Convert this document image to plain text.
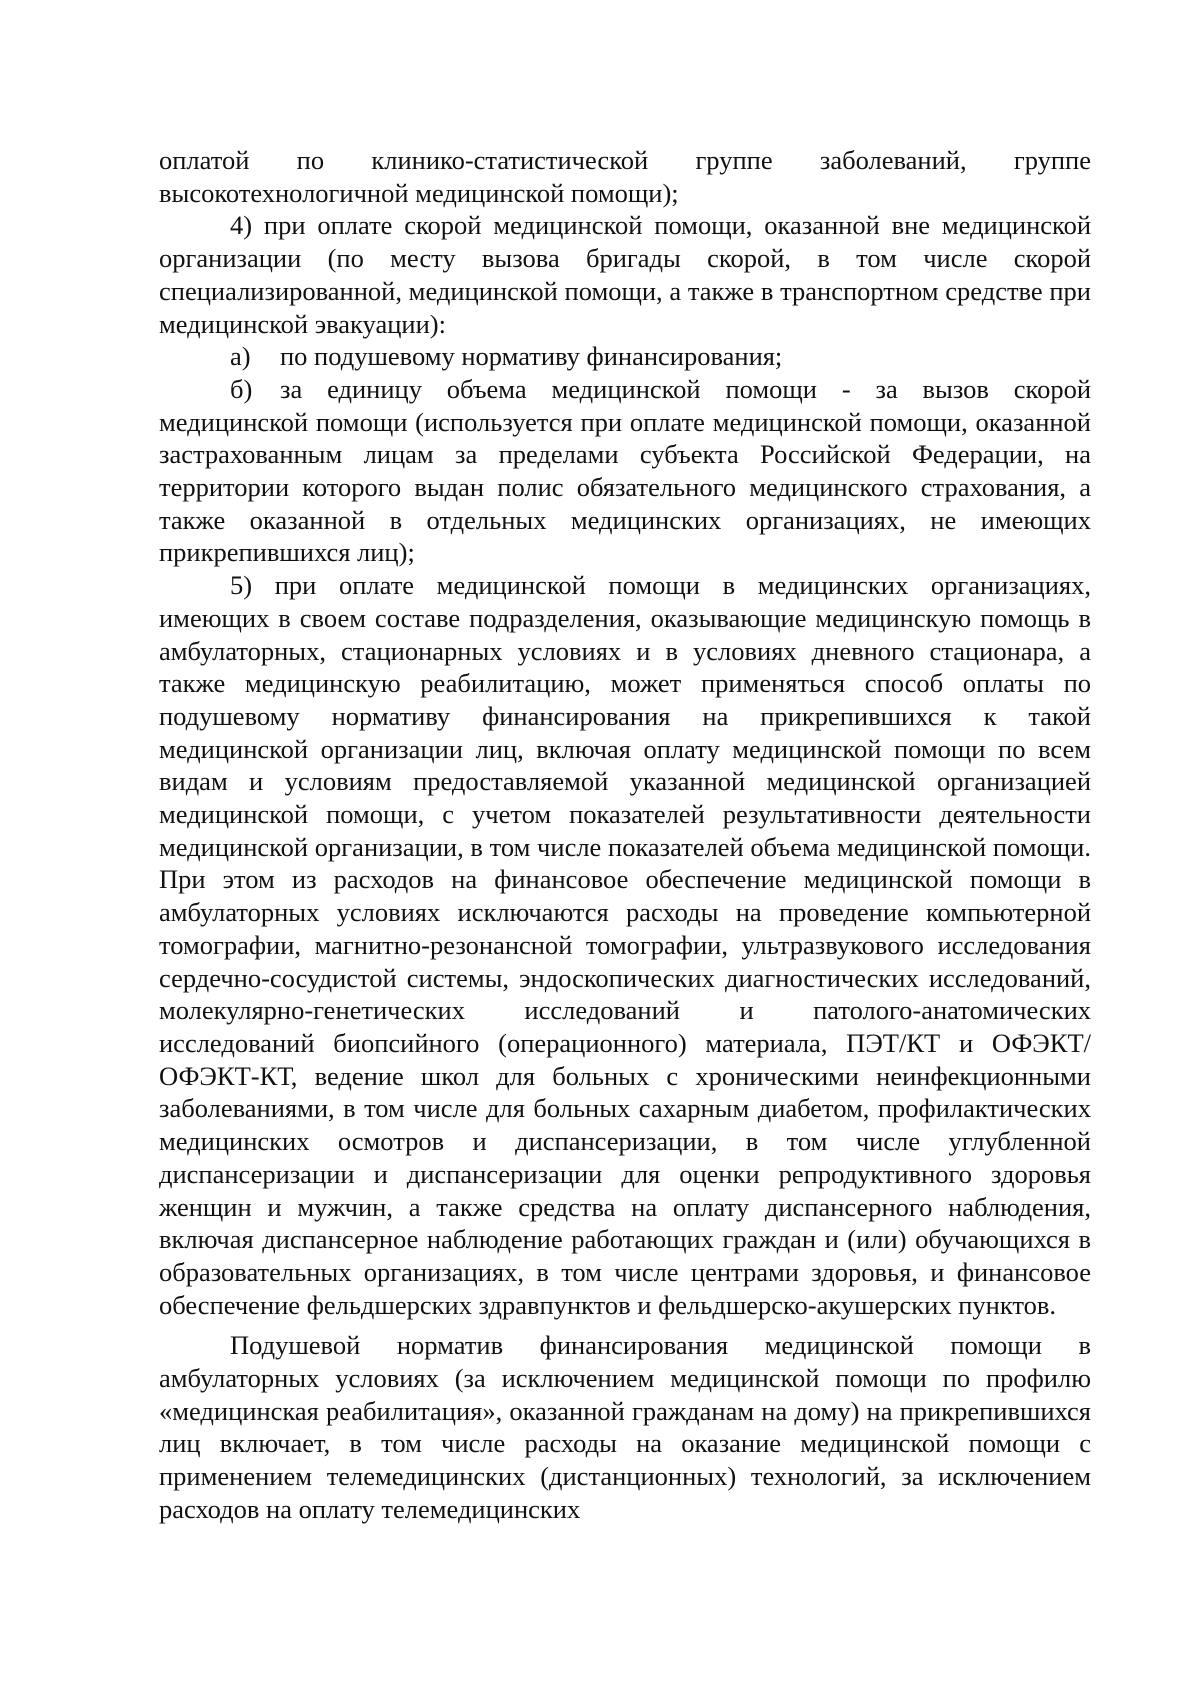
оплатой по клинико-статистической группе заболеваний, группе высокотехнологичной медицинской помощи);

4) при оплате скорой медицинской помощи, оказанной вне медицинской организации (по месту вызова бригады скорой, в том числе скорой специализированной, медицинской помощи, а также в транспортном средстве при медицинской эвакуации):

а)	по подушевому нормативу финансирования;

б) за единицу объема медицинской помощи - за вызов скорой медицинской помощи (используется при оплате медицинской помощи, оказанной застрахованным лицам за пределами субъекта Российской Федерации, на территории которого выдан полис обязательного медицинского страхования, а также оказанной в отдельных медицинских организациях, не имеющих прикрепившихся лиц);

5) при оплате медицинской помощи в медицинских организациях, имеющих в своем составе подразделения, оказывающие медицинскую помощь в амбулаторных, стационарных условиях и в условиях дневного стационара, а также медицинскую реабилитацию, может применяться способ оплаты по подушевому нормативу финансирования на прикрепившихся к такой медицинской организации лиц, включая оплату медицинской помощи по всем видам и условиям предоставляемой указанной медицинской организацией медицинской помощи, с учетом показателей результативности деятельности медицинской организации, в том числе показателей объема медицинской помощи. При этом из расходов на финансовое обеспечение медицинской помощи в амбулаторных условиях исключаются расходы на проведение компьютерной томографии, магнитно-резонансной томографии, ультразвукового исследования сердечно-сосудистой системы, эндоскопических диагностических исследований, молекулярно-генетических исследований и патолого-анатомических исследований биопсийного (операционного) материала, ПЭТ/КТ и ОФЭКТ/ОФЭКТ-КТ, ведение школ для больных с хроническими неинфекционными заболеваниями, в том числе для больных сахарным диабетом, профилактических медицинских осмотров и диспансеризации, в том числе углубленной диспансеризации и диспансеризации для оценки репродуктивного здоровья женщин и мужчин, а также средства на оплату диспансерного наблюдения, включая диспансерное наблюдение работающих граждан и (или) обучающихся в образовательных организациях, в том числе центрами здоровья, и финансовое обеспечение фельдшерских здравпунктов и фельдшерско-акушерских пунктов.

Подушевой норматив финансирования медицинской помощи в амбулаторных условиях (за исключением медицинской помощи по профилю «медицинская реабилитация», оказанной гражданам на дому) на прикрепившихся лиц включает, в том числе расходы на оказание медицинской помощи с применением телемедицинских (дистанционных) технологий, за исключением расходов на оплату телемедицинских
